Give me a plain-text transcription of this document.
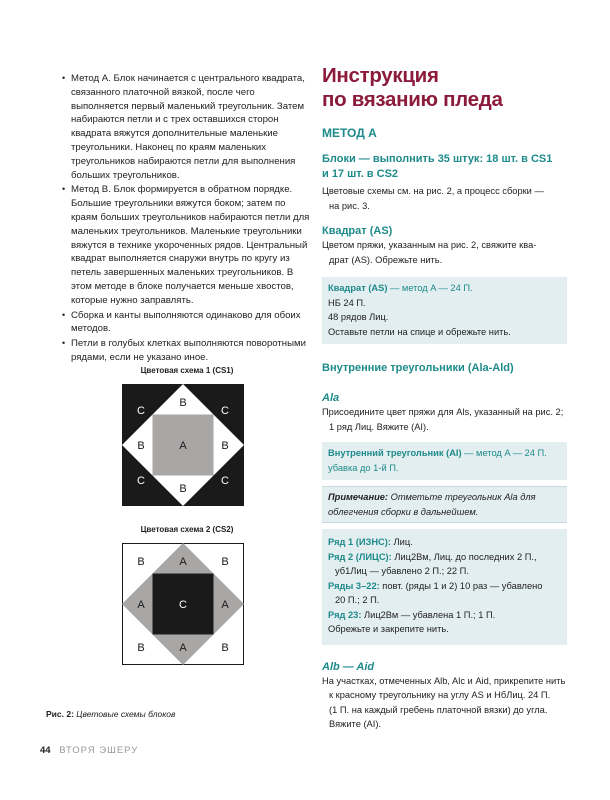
• Метод А. Блок начинается с центрального квадрата, связанного платочной вязкой, после чего выполняется первый маленький треугольник. Затем набираются петли и с трех оставшихся сторон квадрата вяжутся дополнительные маленькие треугольники. Наконец по краям маленьких треугольников набираются петли для выполнения больших треугольников.
• Метод В. Блок формируется в обратном порядке. Большие треугольники вяжутся боком; затем по краям больших треугольников набираются петли для маленьких треугольников. Маленькие треугольники вяжутся в технике укороченных рядов. Центральный квадрат выполняется снаружи внутрь по кругу из петель завершенных маленьких треугольников. В этом методе в блоке получается меньше хвостов, которые нужно заправлять.
• Сборка и канты выполняются одинаково для обоих методов.
• Петли в голубых клетках выполняются поворотными рядами, если не указано иное.
Цветовая схема 1 (CS1)
C
B
C
B	A	B
C
B
C
Цветовая схема 2 (CS2)
B	A	B
A	C	A
B	A	B
Рис. 2: Цветовые схемы блоков
Инструкция
по вязанию пледа
МЕТОД А
Блоки — выполнить 35 штук: 18 шт. в CS1
и 17 шт. в CS2
Цветовые схемы см. на рис. 2, а процесс сборки —
на рис. 3.
Квадрат (AS)
Цветом пряжи, указанным на рис. 2, свяжите ква-
драт (AS). Обрежьте нить.
Квадрат (AS) — метод A — 24 П.
НБ 24 П.
48 рядов Лиц.
Оставьте петли на спице и обрежьте нить.
Внутренние треугольники (Ala-Ald)
Ala
Присоедините цвет пряжи для Als, указанный на рис. 2;
1 ряд Лиц. Вяжите (AI).
Внутренний треугольник (AI) — метод A — 24 П.
убавка до 1-й П.
Примечание: Отметьте треугольник Ala для
облегчения сборки в дальнейшем.
Ряд 1 (ИЗНС): Лиц.
Ряд 2 (ЛИЦС): Лиц2Вм, Лиц. до последних 2 П.,
уб1Лиц — убавлено 2 П.; 22 П.
Ряды 3–22: повт. (ряды 1 и 2) 10 раз — убавлено
20 П.; 2 П.
Ряд 23: Лиц2Вм — убавлена 1 П.; 1 П.
Обрежьте и закрепите нить.
Alb — Aid
На участках, отмеченных Alb, Alc и Aid, прикрепите нить
к красному треугольнику на углу AS и НбЛиц. 24 П.
(1 П. на каждый гребень платочной вязки) до угла.
Вяжите (AI).
44 ВТОРЯ ЭШЕРУ
